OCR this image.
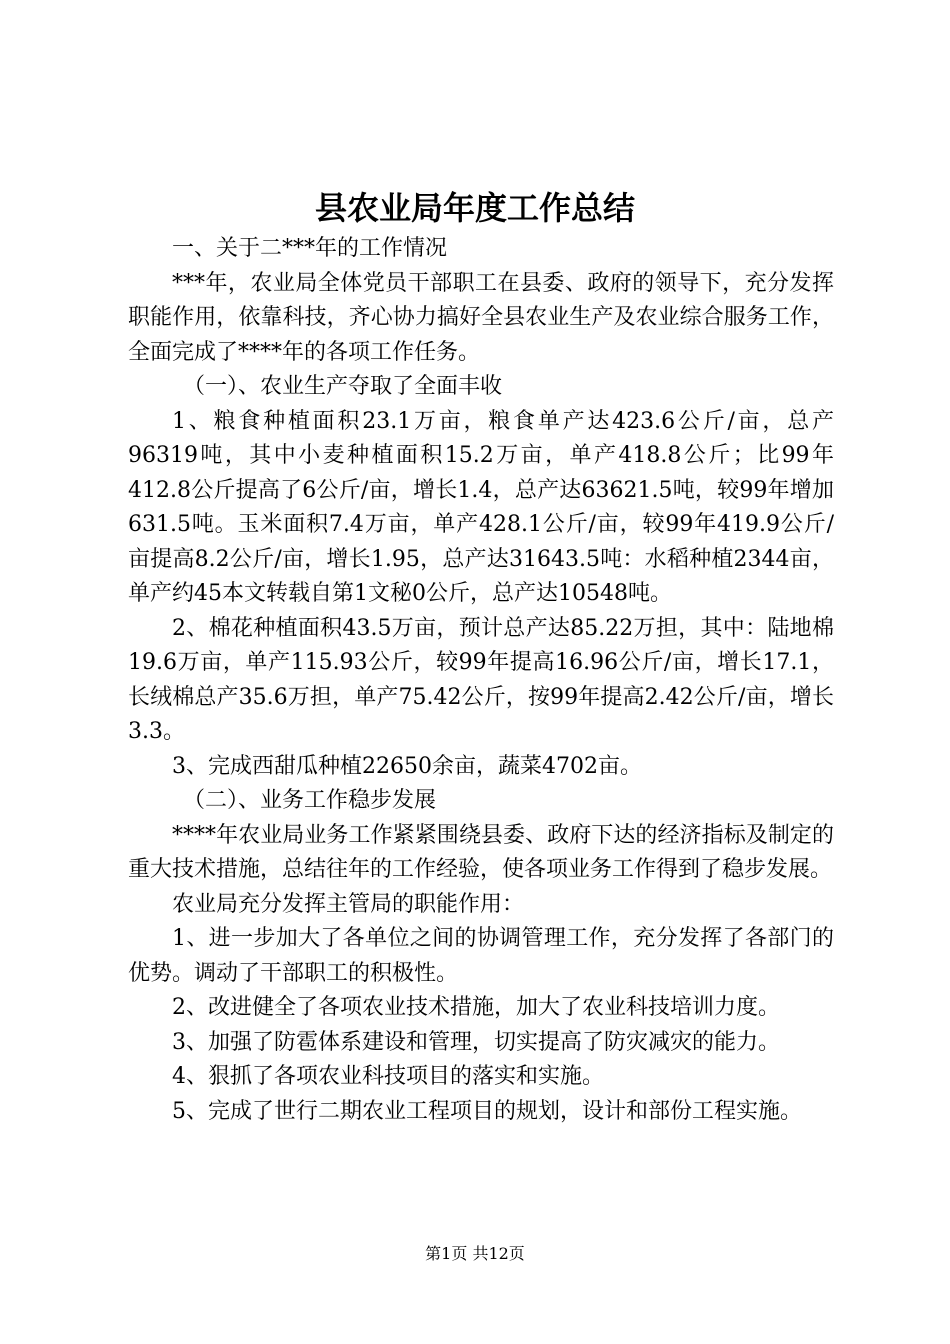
县农业局年度工作总结

一、关于二***年的工作情况

***年，农业局全体党员干部职工在县委、政府的领导下，充分发挥职能作用，依靠科技，齐心协力搞好全县农业生产及农业综合服务工作，全面完成了****年的各项工作任务。

（一）、农业生产夺取了全面丰收

1、粮食种植面积23.1万亩，粮食单产达423.6公斤/亩，总产96319吨，其中小麦种植面积15.2万亩，单产418.8公斤；比99年412.8公斤提高了6公斤/亩，增长1.4，总产达63621.5吨，较99年增加631.5吨。玉米面积7.4万亩，单产428.1公斤/亩，较99年419.9公斤/亩提高8.2公斤/亩，增长1.95，总产达31643.5吨：水稻种植2344亩，单产约45本文转载自第1文秘0公斤，总产达10548吨。

2、棉花种植面积43.5万亩，预计总产达85.22万担，其中：陆地棉19.6万亩，单产115.93公斤，较99年提高16.96公斤/亩，增长17.1，长绒棉总产35.6万担，单产75.42公斤，按99年提高2.42公斤/亩，增长3.3。

3、完成西甜瓜种植22650余亩，蔬菜4702亩。

（二）、业务工作稳步发展

****年农业局业务工作紧紧围绕县委、政府下达的经济指标及制定的重大技术措施，总结往年的工作经验，使各项业务工作得到了稳步发展。

农业局充分发挥主管局的职能作用：

1、进一步加大了各单位之间的协调管理工作，充分发挥了各部门的优势。调动了干部职工的积极性。

2、改进健全了各项农业技术措施，加大了农业科技培训力度。

3、加强了防雹体系建设和管理，切实提高了防灾减灾的能力。

4、狠抓了各项农业科技项目的落实和实施。

5、完成了世行二期农业工程项目的规划，设计和部份工程实施。

第1页 共12页
